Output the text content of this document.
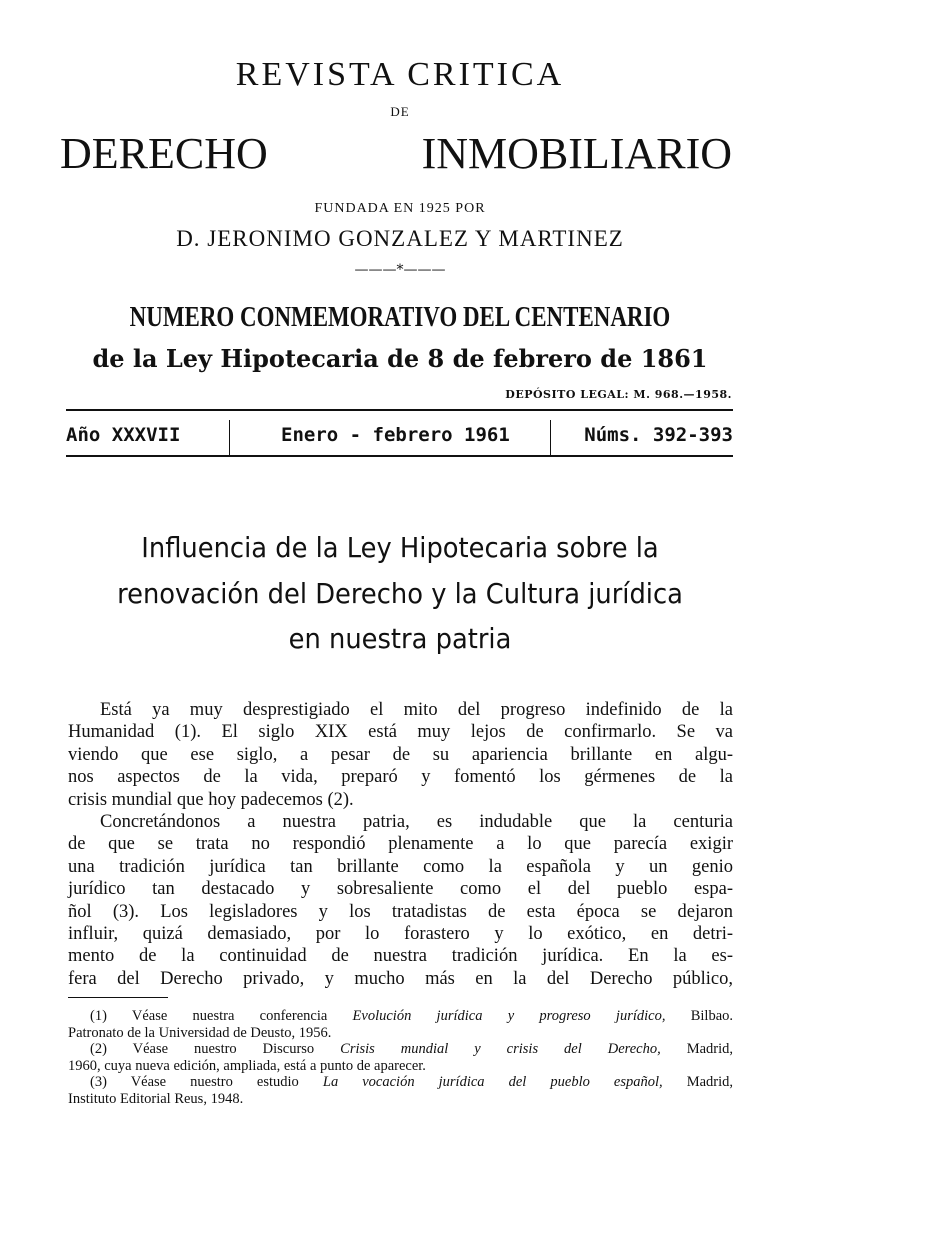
REVISTA CRITICA
DE
DERECHO INMOBILIARIO
FUNDADA EN 1925 POR
D. JERONIMO GONZALEZ Y MARTINEZ
———*———
NUMERO CONMEMORATIVO DEL CENTENARIO
de la Ley Hipotecaria de 8 de febrero de 1861
DEPÓSITO LEGAL: M. 968.—1958.
Año XXXVII	Enero - febrero 1961	Núms. 392-393
Influencia de la Ley Hipotecaria sobre la
renovación del Derecho y la Cultura jurídica
en nuestra patria
Está ya muy desprestigiado el mito del progreso indefinido de la
Humanidad (1). El siglo XIX está muy lejos de confirmarlo. Se va
viendo que ese siglo, a pesar de su apariencia brillante en algu-
nos aspectos de la vida, preparó y fomentó los gérmenes de la
crisis mundial que hoy padecemos (2).
Concretándonos a nuestra patria, es indudable que la centuria
de que se trata no respondió plenamente a lo que parecía exigir
una tradición jurídica tan brillante como la española y un genio
jurídico tan destacado y sobresaliente como el del pueblo espa-
ñol (3). Los legisladores y los tratadistas de esta época se dejaron
influir, quizá demasiado, por lo forastero y lo exótico, en detri-
mento de la continuidad de nuestra tradición jurídica. En la es-
fera del Derecho privado, y mucho más en la del Derecho público,
(1) Véase nuestra conferencia Evolución jurídica y progreso jurídico, Bilbao.
Patronato de la Universidad de Deusto, 1956.
(2) Véase nuestro Discurso Crisis mundial y crisis del Derecho, Madrid,
1960, cuya nueva edición, ampliada, está a punto de aparecer.
(3) Véase nuestro estudio La vocación jurídica del pueblo español, Madrid,
Instituto Editorial Reus, 1948.
